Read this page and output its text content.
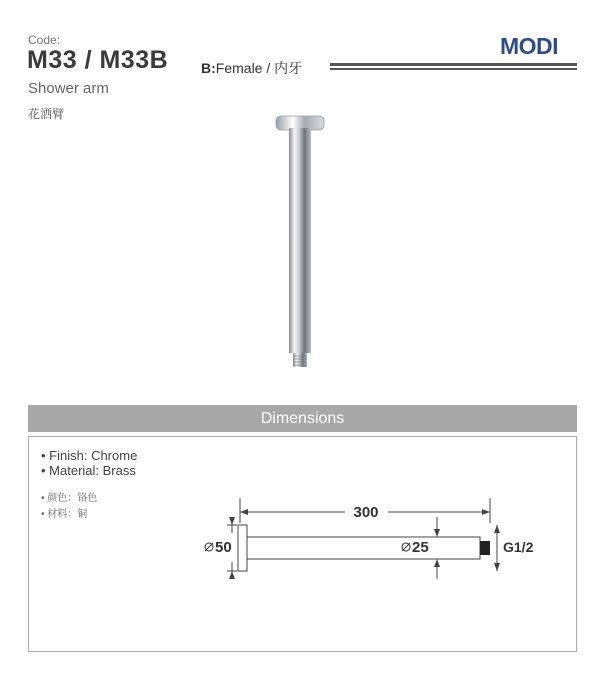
Code:
M33 / M33B B:Female / 内牙
MODI
Shower arm
花洒臂
Dimensions
• Finish: Chrome
• Material: Brass
• 颜色：铬色
• 材料：铜	300
50	25	G1/2
